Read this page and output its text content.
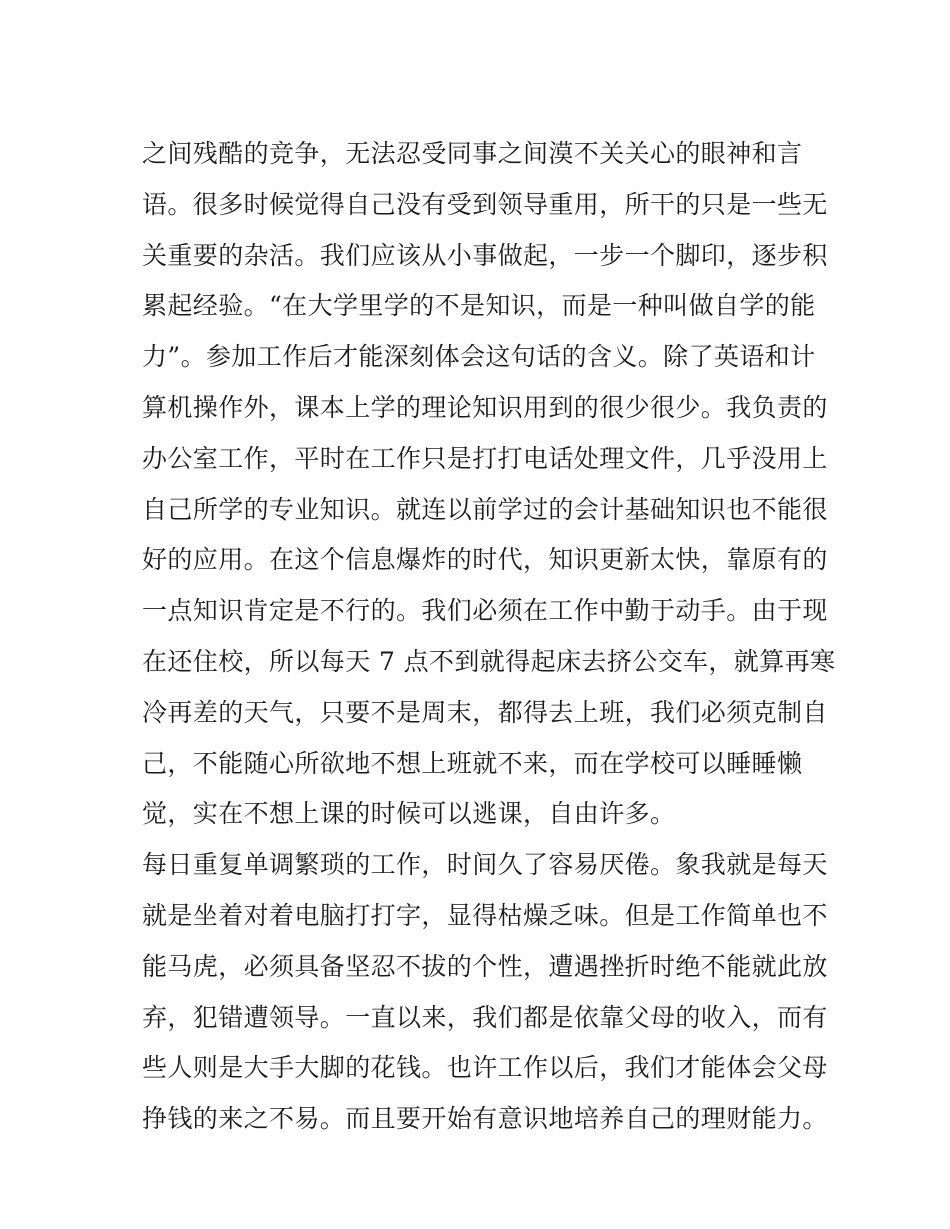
之间残酷的竞争，无法忍受同事之间漠不关关心的眼神和言
语。很多时候觉得自己没有受到领导重用，所干的只是一些无
关重要的杂活。我们应该从小事做起，一步一个脚印，逐步积
累起经验。“在大学里学的不是知识，而是一种叫做自学的能
力”。参加工作后才能深刻体会这句话的含义。除了英语和计
算机操作外，课本上学的理论知识用到的很少很少。我负责的
办公室工作，平时在工作只是打打电话处理文件，几乎没用上
自己所学的专业知识。就连以前学过的会计基础知识也不能很
好的应用。在这个信息爆炸的时代，知识更新太快，靠原有的
一点知识肯定是不行的。我们必须在工作中勤于动手。由于现
在还住校，所以每天 7 点不到就得起床去挤公交车，就算再寒
冷再差的天气，只要不是周末，都得去上班，我们必须克制自
己，不能随心所欲地不想上班就不来，而在学校可以睡睡懒
觉，实在不想上课的时候可以逃课，自由许多。
每日重复单调繁琐的工作，时间久了容易厌倦。象我就是每天
就是坐着对着电脑打打字，显得枯燥乏味。但是工作简单也不
能马虎，必须具备坚忍不拔的个性，遭遇挫折时绝不能就此放
弃，犯错遭领导。一直以来，我们都是依靠父母的收入，而有
些人则是大手大脚的花钱。也许工作以后，我们才能体会父母
挣钱的来之不易。而且要开始有意识地培养自己的理财能力。
